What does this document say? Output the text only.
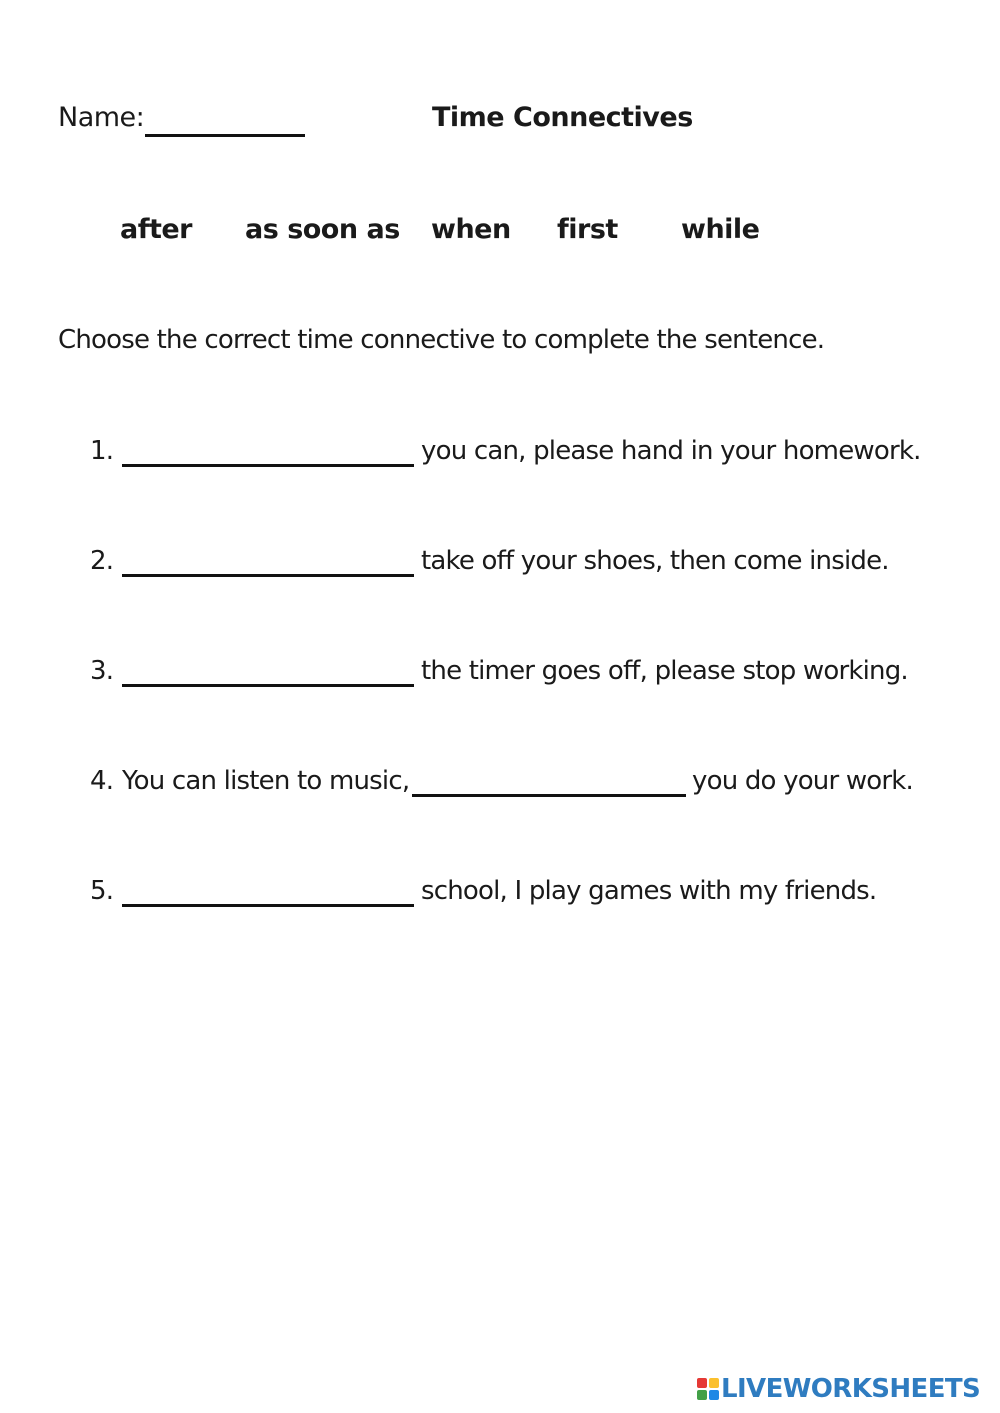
Name:	Time Connectives
after as soon as when first while
Choose the correct time connective to complete the sentence.
1.	you can, please hand in your homework.
2.	take off your shoes, then come inside.
3.	the timer goes off, please stop working.
4. You can listen to music,	you do your work.
5.	school, I play games with my friends.
LIVEWORKSHEETS
